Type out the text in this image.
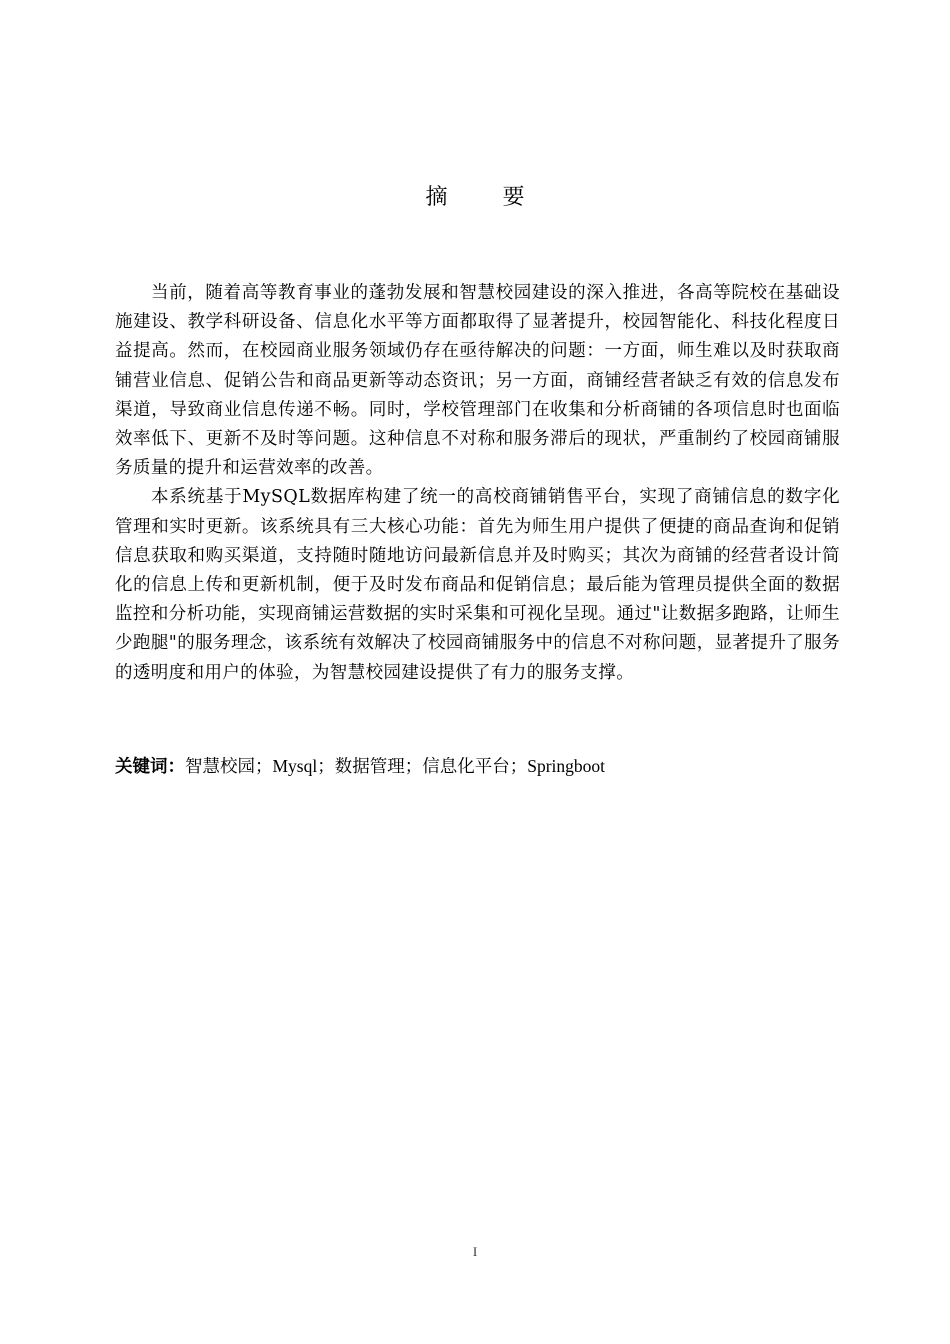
摘 要

当前，随着高等教育事业的蓬勃发展和智慧校园建设的深入推进，各高等院校在基础设施建设、教学科研设备、信息化水平等方面都取得了显著提升，校园智能化、科技化程度日益提高。然而，在校园商业服务领域仍存在亟待解决的问题：一方面，师生难以及时获取商铺营业信息、促销公告和商品更新等动态资讯；另一方面，商铺经营者缺乏有效的信息发布渠道，导致商业信息传递不畅。同时，学校管理部门在收集和分析商铺的各项信息时也面临效率低下、更新不及时等问题。这种信息不对称和服务滞后的现状，严重制约了校园商铺服务质量的提升和运营效率的改善。

本系统基于MySQL数据库构建了统一的高校商铺销售平台，实现了商铺信息的数字化管理和实时更新。该系统具有三大核心功能：首先为师生用户提供了便捷的商品查询和促销信息获取和购买渠道，支持随时随地访问最新信息并及时购买；其次为商铺的经营者设计简化的信息上传和更新机制，便于及时发布商品和促销信息；最后能为管理员提供全面的数据监控和分析功能，实现商铺运营数据的实时采集和可视化呈现。通过"让数据多跑路，让师生少跑腿"的服务理念，该系统有效解决了校园商铺服务中的信息不对称问题，显著提升了服务的透明度和用户的体验，为智慧校园建设提供了有力的服务支撑。

关键词：智慧校园；Mysql；数据管理；信息化平台；Springboot
I
